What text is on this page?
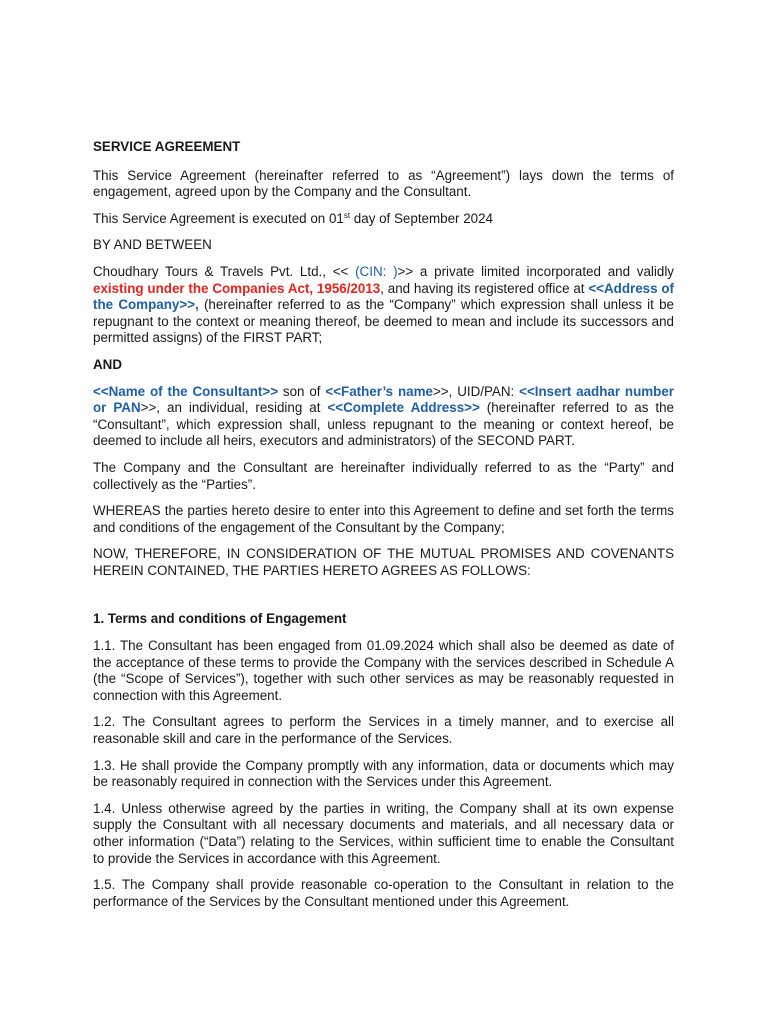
SERVICE AGREEMENT

This Service Agreement (hereinafter referred to as “Agreement”) lays down the terms of engagement, agreed upon by the Company and the Consultant.

This Service Agreement is executed on 01st day of September 2024

BY AND BETWEEN

Choudhary Tours & Travels Pvt. Ltd., << (CIN: )>> a private limited incorporated and validly existing under the Companies Act, 1956/2013, and having its registered office at <<Address of the Company>>, (hereinafter referred to as the “Company” which expression shall unless it be repugnant to the context or meaning thereof, be deemed to mean and include its successors and permitted assigns) of the FIRST PART;

AND

<<Name of the Consultant>> son of <<Father’s name>>, UID/PAN: <<Insert aadhar number or PAN>>, an individual, residing at <<Complete Address>> (hereinafter referred to as the “Consultant”, which expression shall, unless repugnant to the meaning or context hereof, be deemed to include all heirs, executors and administrators) of the SECOND PART.

The Company and the Consultant are hereinafter individually referred to as the “Party” and collectively as the “Parties”.

WHEREAS the parties hereto desire to enter into this Agreement to define and set forth the terms and conditions of the engagement of the Consultant by the Company;

NOW, THEREFORE, IN CONSIDERATION OF THE MUTUAL PROMISES AND COVENANTS HEREIN CONTAINED, THE PARTIES HERETO AGREES AS FOLLOWS:

1. Terms and conditions of Engagement

1.1. The Consultant has been engaged from 01.09.2024 which shall also be deemed as date of the acceptance of these terms to provide the Company with the services described in Schedule A (the “Scope of Services”), together with such other services as may be reasonably requested in connection with this Agreement.

1.2. The Consultant agrees to perform the Services in a timely manner, and to exercise all reasonable skill and care in the performance of the Services.

1.3. He shall provide the Company promptly with any information, data or documents which may be reasonably required in connection with the Services under this Agreement.

1.4. Unless otherwise agreed by the parties in writing, the Company shall at its own expense supply the Consultant with all necessary documents and materials, and all necessary data or other information (“Data”) relating to the Services, within sufficient time to enable the Consultant to provide the Services in accordance with this Agreement.

1.5. The Company shall provide reasonable co-operation to the Consultant in relation to the performance of the Services by the Consultant mentioned under this Agreement.
